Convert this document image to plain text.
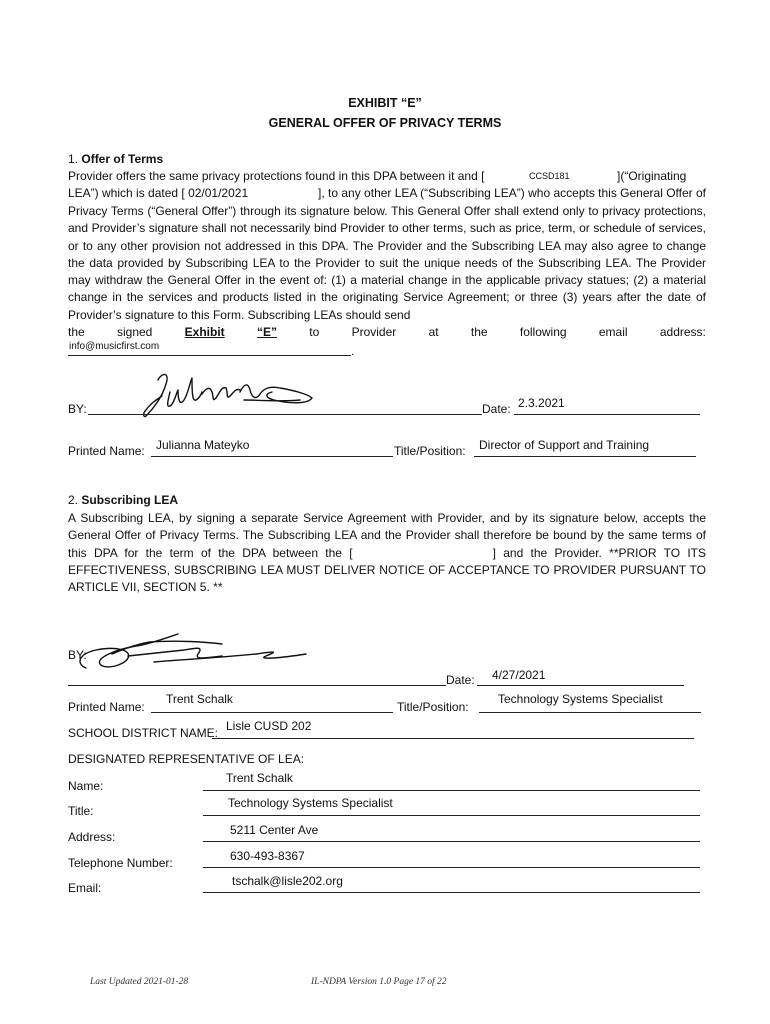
EXHIBIT “E”
GENERAL OFFER OF PRIVACY TERMS
1. Offer of Terms
Provider offers the same privacy protections found in this DPA between it and [	CCSD181	](“Originating
LEA”) which is dated [ 02/01/2021	], to any other LEA (“Subscribing LEA”) who accepts this General Offer of
Privacy Terms (“General Offer”) through its signature below. This General Offer shall extend only to privacy protections, and Provider’s signature shall not necessarily bind Provider to other terms, such as price, term, or schedule of services, or to any other provision not addressed in this DPA. The Provider and the Subscribing LEA may also agree to change the data provided by Subscribing LEA to the Provider to suit the unique needs of the Subscribing LEA. The Provider may withdraw the General Offer in the event of: (1) a material change in the applicable privacy statues; (2) a material change in the services and products listed in the originating Service Agreement; or three (3) years after the date of Provider’s signature to this Form. Subscribing LEAs should send
the	signed	Exhibit	“E”	to	Provider	at	the	following	email	address:
info@musicfirst.com	.
BY:	Date: 2.3.2021
Printed Name: Julianna Mateyko	Title/Position: Director of Support and Training
2. Subscribing LEA
A Subscribing LEA, by signing a separate Service Agreement with Provider, and by its signature below, accepts the General Offer of Privacy Terms. The Subscribing LEA and the Provider shall therefore be bound by the same terms of this DPA for the term of the DPA between the [	] and the Provider. **PRIOR TO ITS EFFECTIVENESS, SUBSCRIBING LEA MUST DELIVER NOTICE OF ACCEPTANCE TO PROVIDER PURSUANT TO ARTICLE VII, SECTION 5. **
BY:
Date: 4/27/2021
Printed Name:
Trent Schalk
Title/Position:
Technology Systems Specialist
SCHOOL DISTRICT NAME: Lisle CUSD 202
DESIGNATED REPRESENTATIVE OF LEA:
Name:
Trent Schalk
Title:
Technology Systems Specialist
Address:	5211 Center Ave
Telephone Number:	630-493-8367
Email:	tschalk@lisle202.org
Last Updated 2021-01-28	IL-NDPA Version 1.0 Page 17 of 22
